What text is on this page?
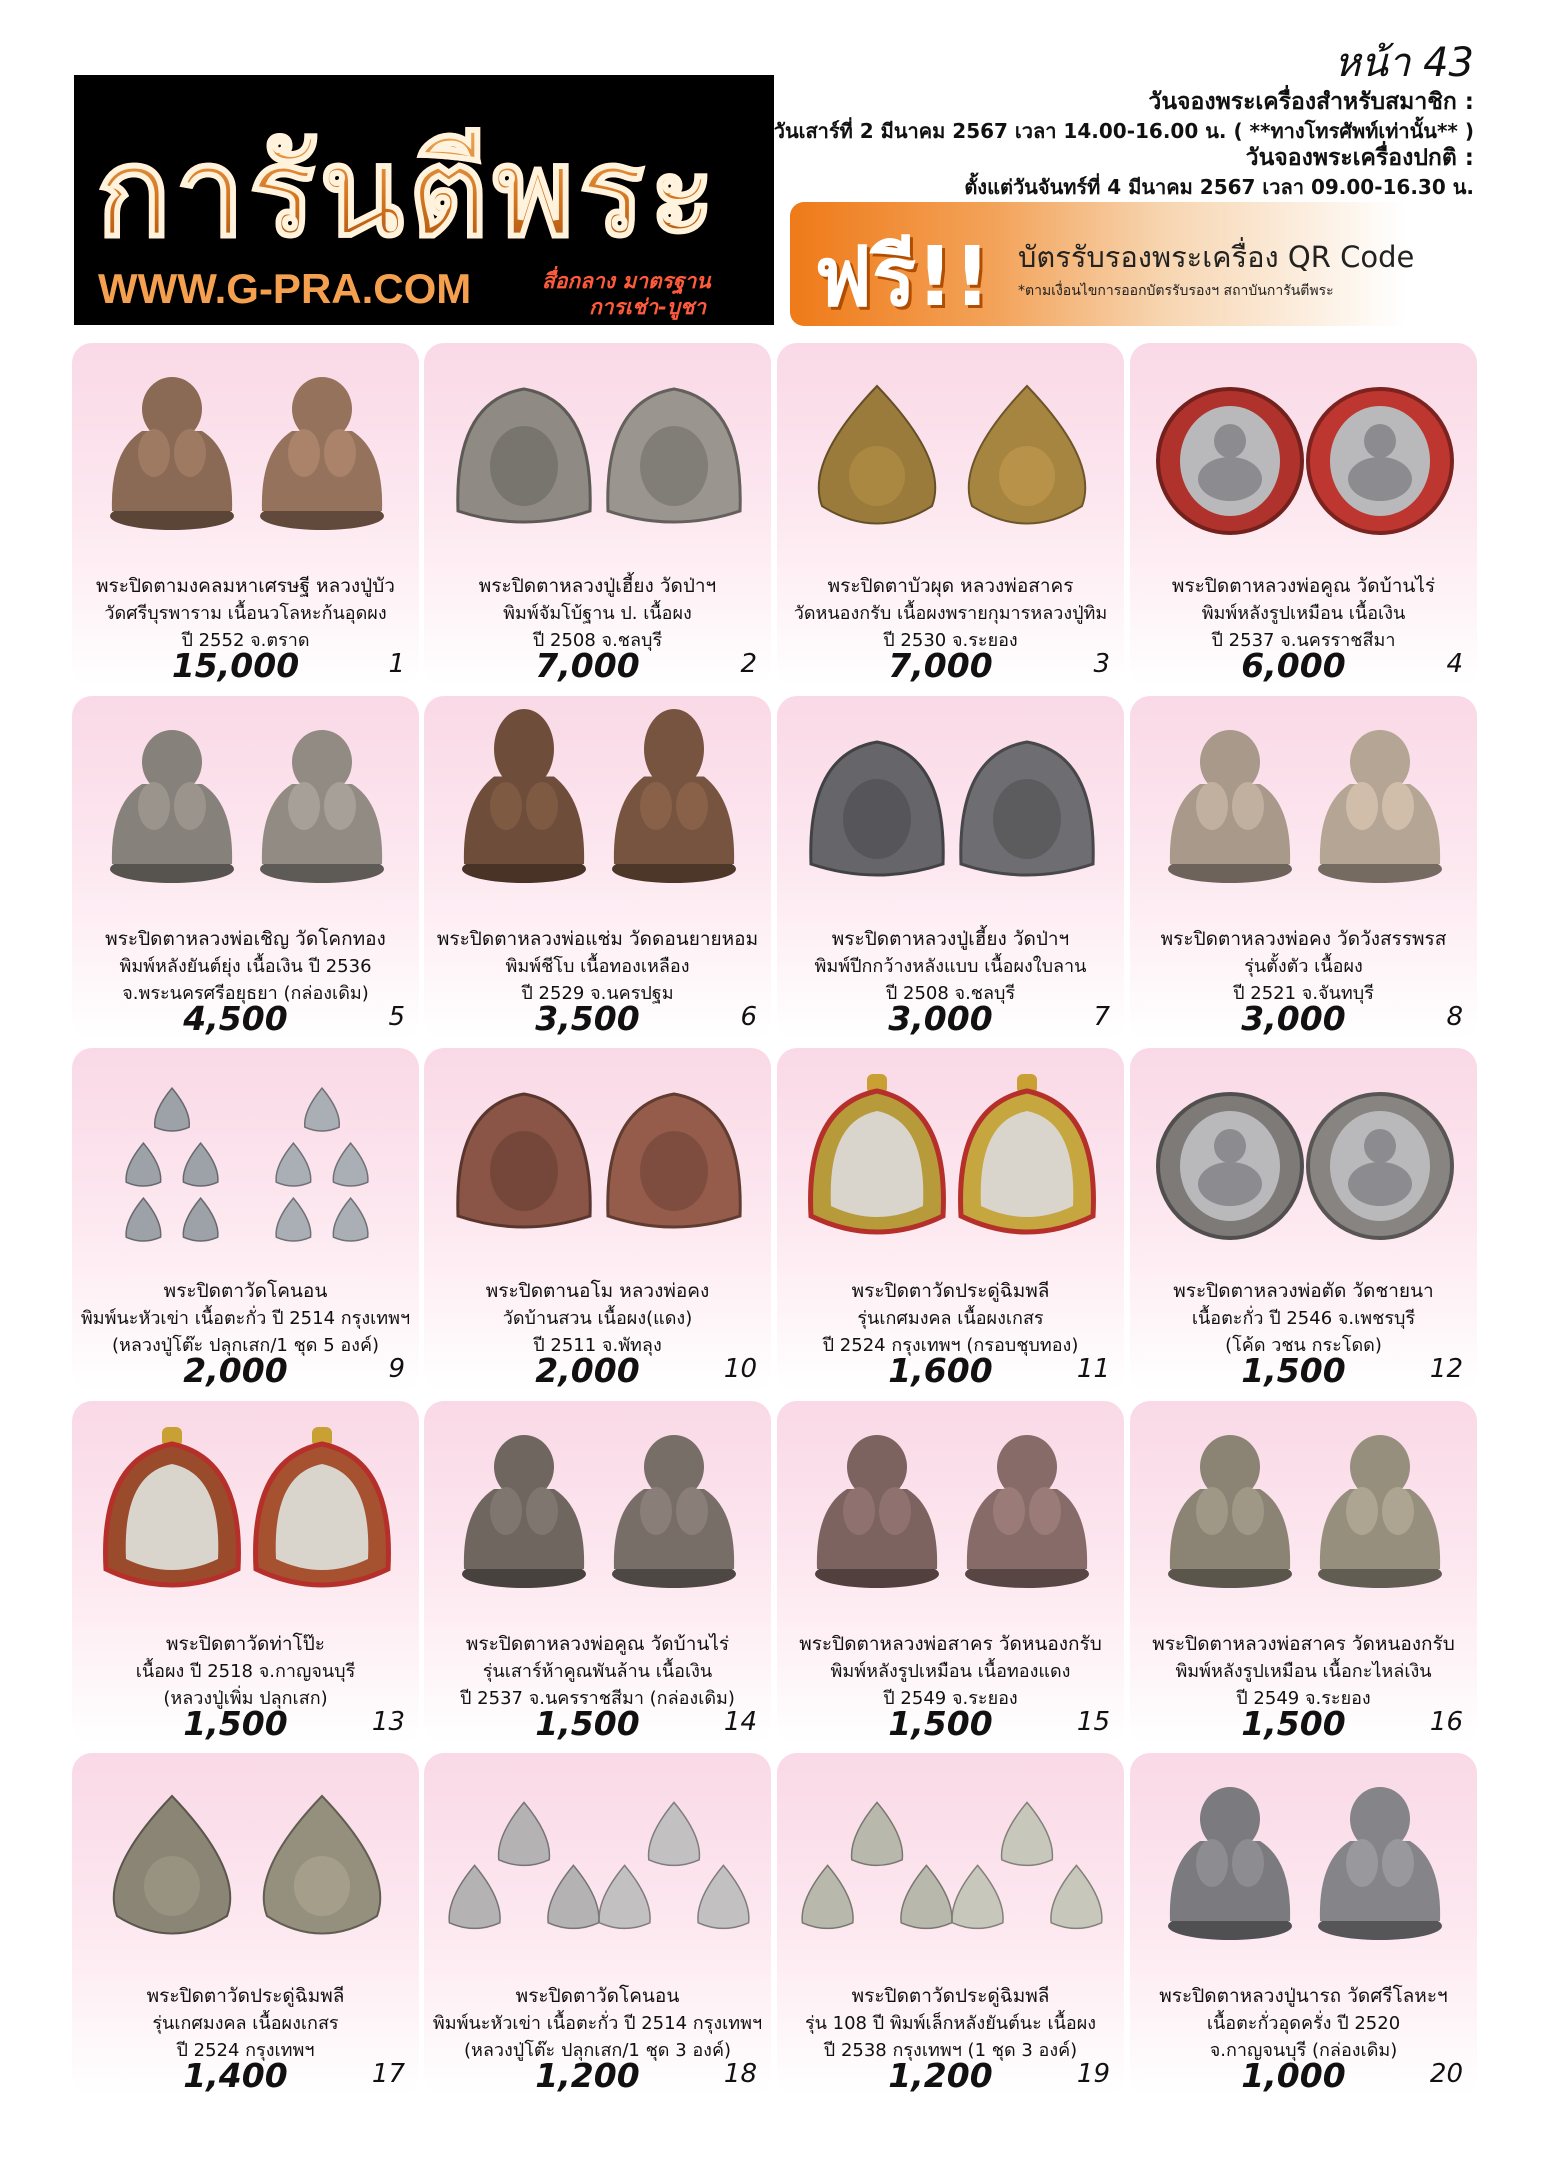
หน้า 43
การันตีพระ
WWW.G-PRA.COM	สื่อกลาง มาตรฐาน
การเช่า-บูชา
วันจองพระเครื่องสำหรับสมาชิก :
วันเสาร์ที่ 2 มีนาคม 2567 เวลา 14.00-16.00 น. ( **ทางโทรศัพท์เท่านั้น** )
วันจองพระเครื่องปกติ :
ตั้งแต่วันจันทร์ที่ 4 มีนาคม 2567 เวลา 09.00-16.30 น.
ฟรี!! บัตรรับรองพระเครื่อง QR Code
*ตามเงื่อนไขการออกบัตรรับรองฯ สถาบันการันตีพระ
พระปิดตามงคลมหาเศรษฐี หลวงปู่บัว
วัดศรีบุรพาราม เนื้อนวโลหะก้นอุดผง
ปี 2552 จ.ตราด
15,000	1
พระปิดตาหลวงปู่เฮี้ยง วัดป่าฯ
พิมพ์จัมโบ้ฐาน ป. เนื้อผง
ปี 2508 จ.ชลบุรี
7,000	2
พระปิดตาบัวผุด หลวงพ่อสาคร
วัดหนองกรับ เนื้อผงพรายกุมารหลวงปู่ทิม
ปี 2530 จ.ระยอง
7,000	3
พระปิดตาหลวงพ่อคูณ วัดบ้านไร่
พิมพ์หลังรูปเหมือน เนื้อเงิน
ปี 2537 จ.นครราชสีมา
6,000	4
พระปิดตาหลวงพ่อเชิญ วัดโคกทอง
พิมพ์หลังยันต์ยุ่ง เนื้อเงิน ปี 2536
จ.พระนครศรีอยุธยา (กล่องเดิม)
4,500	5
พระปิดตาหลวงพ่อแช่ม วัดดอนยายหอม
พิมพ์ชีโบ เนื้อทองเหลือง
ปี 2529 จ.นครปฐม
3,500	6
พระปิดตาหลวงปู่เฮี้ยง วัดป่าฯ
พิมพ์ปีกกว้างหลังแบบ เนื้อผงใบลาน
ปี 2508 จ.ชลบุรี
3,000	7
พระปิดตาหลวงพ่อคง วัดวังสรรพรส
รุ่นตั้งตัว เนื้อผง
ปี 2521 จ.จันทบุรี
3,000	8
พระปิดตาวัดโคนอน
พิมพ์นะหัวเข่า เนื้อตะกั่ว ปี 2514 กรุงเทพฯ
(หลวงปู่โต๊ะ ปลุกเสก/1 ชุด 5 องค์)
2,000	9
พระปิดตานอโม หลวงพ่อคง
วัดบ้านสวน เนื้อผง(แดง)
ปี 2511 จ.พัทลุง
2,000	10
พระปิดตาวัดประดู่ฉิมพลี
รุ่นเกศมงคล เนื้อผงเกสร
ปี 2524 กรุงเทพฯ (กรอบชุบทอง)
1,600	11
พระปิดตาหลวงพ่อตัด วัดชายนา
เนื้อตะกั่ว ปี 2546 จ.เพชรบุรี
(โค้ด วชน กระโดด)
1,500	12
พระปิดตาวัดท่าโป๊ะ
เนื้อผง ปี 2518 จ.กาญจนบุรี
(หลวงปู่เพิ่ม ปลุกเสก)
1,500	13
พระปิดตาหลวงพ่อคูณ วัดบ้านไร่
รุ่นเสาร์ห้าคูณพันล้าน เนื้อเงิน
ปี 2537 จ.นครราชสีมา (กล่องเดิม)
1,500	14
พระปิดตาหลวงพ่อสาคร วัดหนองกรับ
พิมพ์หลังรูปเหมือน เนื้อทองแดง
ปี 2549 จ.ระยอง
1,500	15
พระปิดตาหลวงพ่อสาคร วัดหนองกรับ
พิมพ์หลังรูปเหมือน เนื้อกะไหล่เงิน
ปี 2549 จ.ระยอง
1,500	16
พระปิดตาวัดประดู่ฉิมพลี
รุ่นเกศมงคล เนื้อผงเกสร
ปี 2524 กรุงเทพฯ
1,400	17
พระปิดตาวัดโคนอน
พิมพ์นะหัวเข่า เนื้อตะกั่ว ปี 2514 กรุงเทพฯ
(หลวงปู่โต๊ะ ปลุกเสก/1 ชุด 3 องค์)
1,200	18
พระปิดตาวัดประดู่ฉิมพลี
รุ่น 108 ปี พิมพ์เล็กหลังยันต์นะ เนื้อผง
ปี 2538 กรุงเทพฯ (1 ชุด 3 องค์)
1,200	19
พระปิดตาหลวงปู่นารถ วัดศรีโลหะฯ
เนื้อตะกั่วอุดครั่ง ปี 2520
จ.กาญจนบุรี (กล่องเดิม)
1,000	20
